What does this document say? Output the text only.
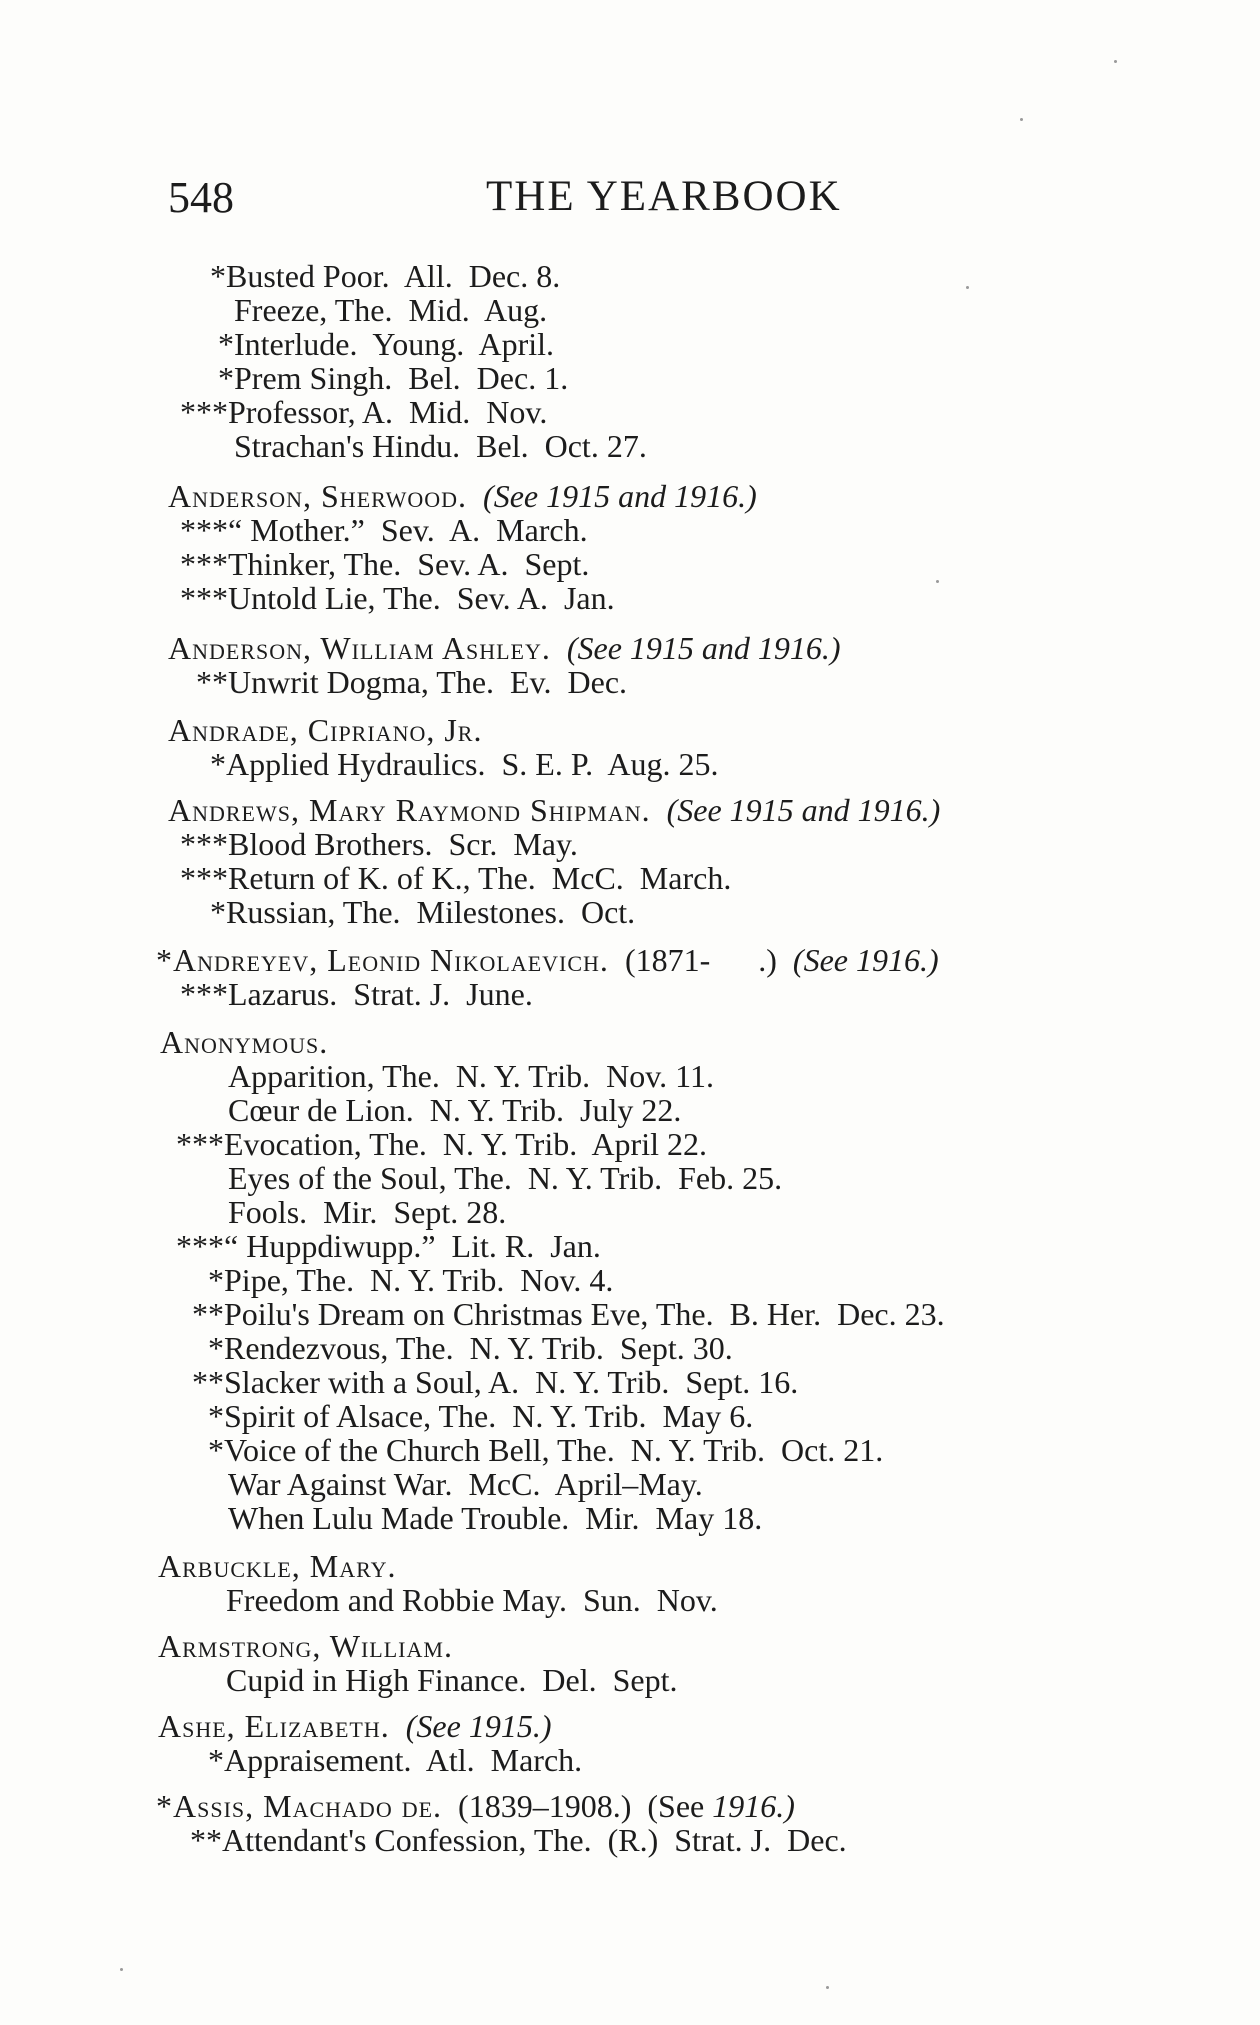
548	THE YEARBOOK
*Busted Poor.  All.  Dec. 8.
Freeze, The.  Mid.  Aug.
*Interlude.  Young.  April.
*Prem Singh.  Bel.  Dec. 1.
***Professor, A.  Mid.  Nov.
Strachan's Hindu.  Bel.  Oct. 27.
Anderson, Sherwood. (See 1915 and 1916.)
***“ Mother.”  Sev.  A.  March.
***Thinker, The.  Sev. A.  Sept.
***Untold Lie, The.  Sev. A.  Jan.
Anderson, William Ashley. (See 1915 and 1916.)
**Unwrit Dogma, The.  Ev.  Dec.
Andrade, Cipriano, Jr.
*Applied Hydraulics.  S. E. P.  Aug. 25.
Andrews, Mary Raymond Shipman. (See 1915 and 1916.)
***Blood Brothers.  Scr.  May.
***Return of K. of K., The.  McC.  March.
*Russian, The.  Milestones.  Oct.
*Andreyev, Leonid Nikolaevich. (1871-      .) (See 1916.)
***Lazarus.  Strat. J.  June.
Anonymous.
Apparition, The.  N. Y. Trib.  Nov. 11.
Cœur de Lion.  N. Y. Trib.  July 22.
***Evocation, The.  N. Y. Trib.  April 22.
Eyes of the Soul, The.  N. Y. Trib.  Feb. 25.
Fools.  Mir.  Sept. 28.
***“ Huppdiwupp.”  Lit. R.  Jan.
*Pipe, The.  N. Y. Trib.  Nov. 4.
**Poilu's Dream on Christmas Eve, The.  B. Her.  Dec. 23.
*Rendezvous, The.  N. Y. Trib.  Sept. 30.
**Slacker with a Soul, A.  N. Y. Trib.  Sept. 16.
*Spirit of Alsace, The.  N. Y. Trib.  May 6.
*Voice of the Church Bell, The.  N. Y. Trib.  Oct. 21.
War Against War.  McC.  April–May.
When Lulu Made Trouble.  Mir.  May 18.
Arbuckle, Mary.
Freedom and Robbie May.  Sun.  Nov.
Armstrong, William.
Cupid in High Finance.  Del.  Sept.
Ashe, Elizabeth. (See 1915.)
*Appraisement.  Atl.  March.
*Assis, Machado de. (1839–1908.)  (See 1916.)
**Attendant's Confession, The.  (R.)  Strat. J.  Dec.
